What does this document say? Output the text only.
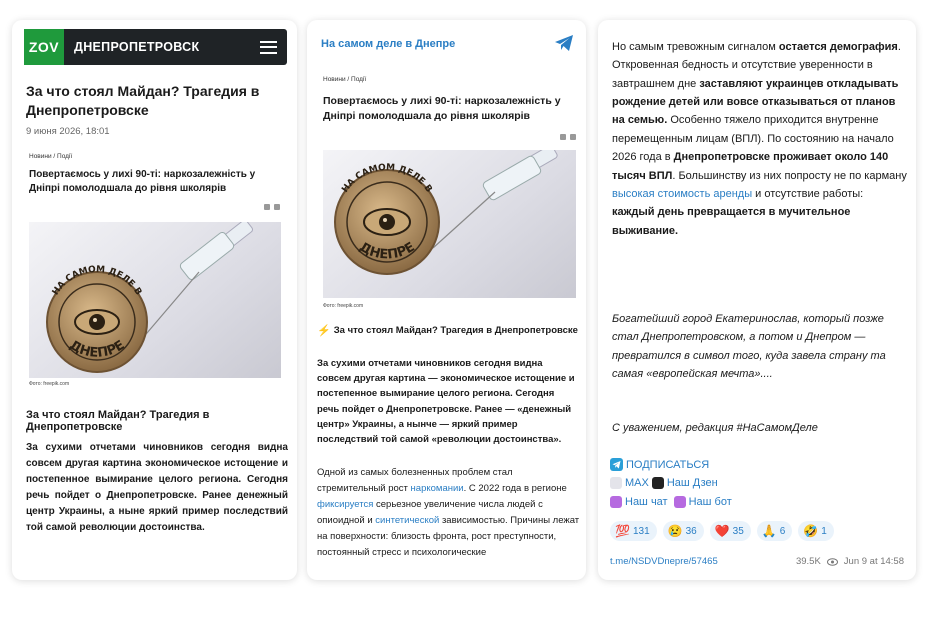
ZOV	ДНЕПРОПЕТРОВСК
За что стоял Майдан? Трагедия в Днепропетровске
9 июня 2026, 18:01
Новини / Події
Повертаємось у лихі 90-ті: наркозалежність у Дніпрі помолодшала до рівня школярів
НА САМОМ ДЕЛЕ В
ДНЕПРЕ
Фото: freepik.com
За что стоял Майдан? Трагедия в Днепропетровске
За сухими отчетами чиновников сегодня видна совсем другая картина экономическое истощение и постепенное вымирание целого региона. Сегодня речь пойдет о Днепропетровске. Ранее денежный центр Украины, а ныне яркий пример последствий той самой революции достоинства.
На самом деле в Днепре
Новини / Події
Повертаємось у лихі 90-ті: наркозалежність у Дніпрі помолодшала до рівня школярів
НА САМОМ ДЕЛЕ В
ДНЕПРЕ
Фото: freepik.com
⚡ За что стоял Майдан? Трагедия в Днепропетровске
За сухими отчетами чиновников сегодня видна совсем другая картина — экономическое истощение и постепенное вымирание целого региона. Сегодня речь пойдет о Днепропетровске. Ранее — «денежный центр» Украины, а нынче — яркий пример последствий той самой «революции достоинства».
Одной из самых болезненных проблем стал стремительный рост наркомании. С 2022 года в регионе фиксируется серьезное увеличение числа людей с опиоидной и синтетической зависимостью. Причины лежат на поверхности: близость фронта, рост преступности, постоянный стресс и психологические
Но самым тревожным сигналом остается демография. Откровенная бедность и отсутствие уверенности в завтрашнем дне заставляют украинцев откладывать рождение детей или вовсе отказываться от планов на семью. Особенно тяжело приходится внутренне перемещенным лицам (ВПЛ). По состоянию на начало 2026 года в Днепропетровске проживает около 140 тысяч ВПЛ. Большинству из них попросту не по карману высокая стоимость аренды и отсутствие работы: каждый день превращается в мучительное выживание.
Богатейший город Екатеринослав, который позже стал Днепропетровском, а потом и Днепром — превратился в символ того, куда завела страну та самая «европейская мечта»....
С уважением, редакция #НаСамомДеле
ПОДПИСАТЬСЯ
MAX Наш Дзен
Наш чат Наш бот
💯 131 😢 36 ❤️ 35 🙏 6 🤣 1
t.me/NSDVDnepre/57465	39.5K Jun 9 at 14:58
